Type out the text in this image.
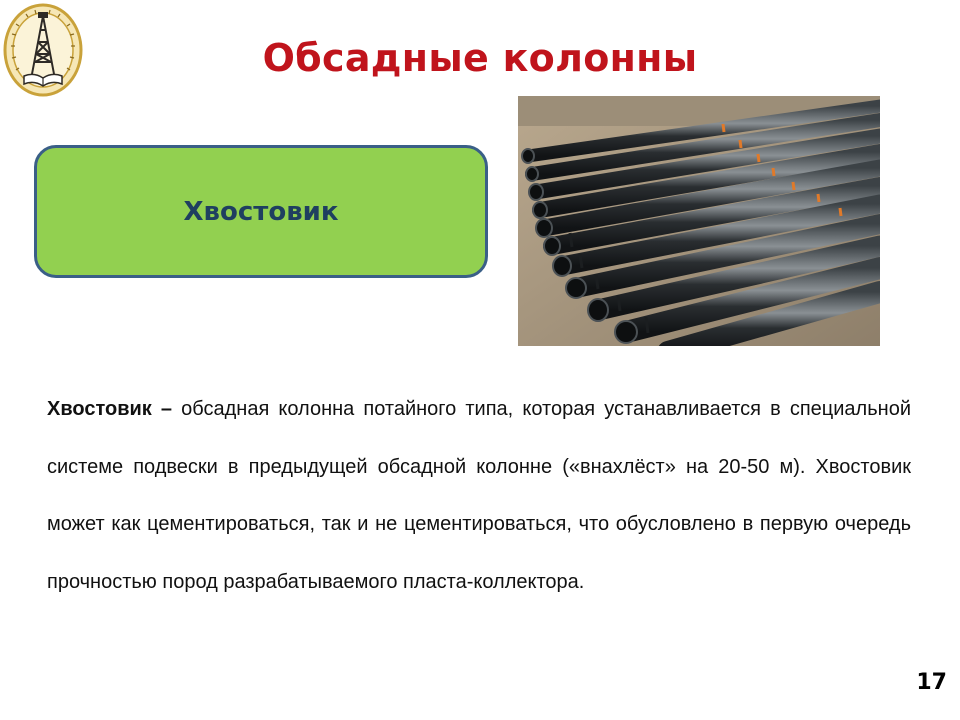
Обсадные колонны
Хвостовик
Хвостовик – обсадная колонна потайного типа, которая устанавливается в специальной системе подвески в предыдущей обсадной колонне («внахлёст» на 20-50 м). Хвостовик может как цементироваться, так и не цементироваться, что обусловлено в первую очередь прочностью пород разрабатываемого пласта-коллектора.
17
